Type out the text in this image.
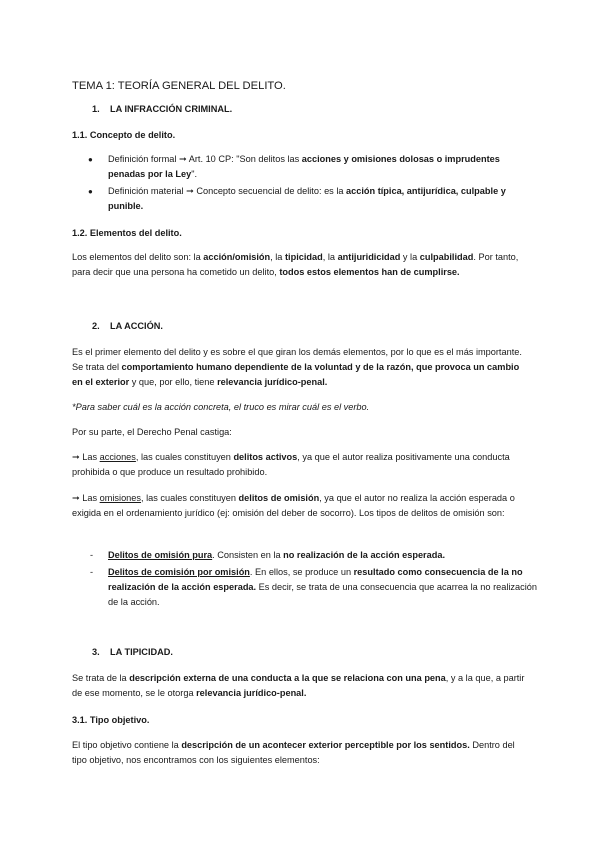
TEMA 1: TEORÍA GENERAL DEL DELITO.

1. LA INFRACCIÓN CRIMINAL.

1.1. Concepto de delito.

● Definición formal ➞ Art. 10 CP: "Son delitos las acciones y omisiones dolosas o imprudentes penadas por la Ley".
● Definición material ➞ Concepto secuencial de delito: es la acción típica, antijurídica, culpable y punible.

1.2. Elementos del delito.

Los elementos del delito son: la acción/omisión, la tipicidad, la antijuridicidad y la culpabilidad. Por tanto, para decir que una persona ha cometido un delito, todos estos elementos han de cumplirse.

2. LA ACCIÓN.

Es el primer elemento del delito y es sobre el que giran los demás elementos, por lo que es el más importante. Se trata del comportamiento humano dependiente de la voluntad y de la razón, que provoca un cambio en el exterior y que, por ello, tiene relevancia jurídico-penal.

*Para saber cuál es la acción concreta, el truco es mirar cuál es el verbo.

Por su parte, el Derecho Penal castiga:

➞ Las acciones, las cuales constituyen delitos activos, ya que el autor realiza positivamente una conducta prohibida o que produce un resultado prohibido.

➞ Las omisiones, las cuales constituyen delitos de omisión, ya que el autor no realiza la acción esperada o exigida en el ordenamiento jurídico (ej: omisión del deber de socorro). Los tipos de delitos de omisión son:

- Delitos de omisión pura. Consisten en la no realización de la acción esperada.
- Delitos de comisión por omisión. En ellos, se produce un resultado como consecuencia de la no realización de la acción esperada. Es decir, se trata de una consecuencia que acarrea la no realización de la acción.

3. LA TIPICIDAD.

Se trata de la descripción externa de una conducta a la que se relaciona con una pena, y a la que, a partir de ese momento, se le otorga relevancia jurídico-penal.

3.1. Tipo objetivo.

El tipo objetivo contiene la descripción de un acontecer exterior perceptible por los sentidos. Dentro del tipo objetivo, nos encontramos con los siguientes elementos:
